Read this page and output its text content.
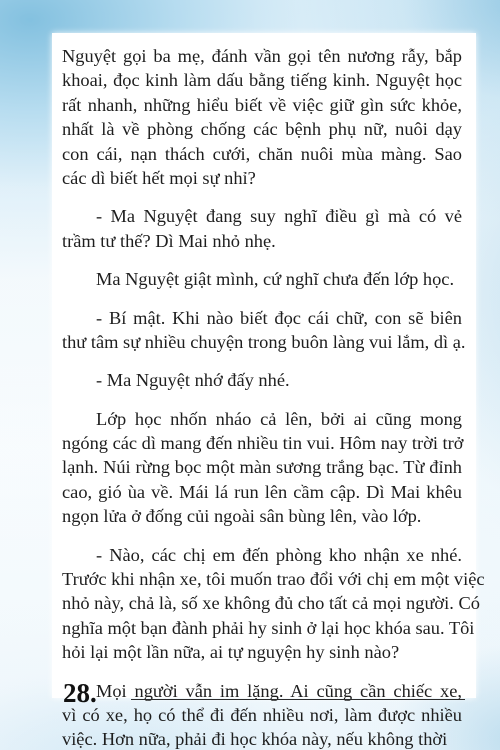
Nguyệt gọi ba mẹ, đánh vần gọi tên nương rẫy, bắp
khoai, đọc kinh làm dấu bằng tiếng kinh. Nguyệt học
rất nhanh, những hiểu biết về việc giữ gìn sức khỏe,
nhất là về phòng chống các bệnh phụ nữ, nuôi dạy
con cái, nạn thách cưới, chăn nuôi mùa màng. Sao
các dì biết hết mọi sự nhỉ?
- Ma Nguyệt đang suy nghĩ điều gì mà có vẻ
trầm tư thế? Dì Mai nhỏ nhẹ.
Ma Nguyệt giật mình, cứ nghĩ chưa đến lớp học.
- Bí mật. Khi nào biết đọc cái chữ, con sẽ biên
thư tâm sự nhiều chuyện trong buôn làng vui lắm, dì ạ.
- Ma Nguyệt nhớ đấy nhé.
Lớp học nhốn nháo cả lên, bởi ai cũng mong
ngóng các dì mang đến nhiều tin vui. Hôm nay trời trở
lạnh. Núi rừng bọc một màn sương trắng bạc. Từ đỉnh
cao, gió ùa về. Mái lá run lên cầm cập. Dì Mai khêu
ngọn lửa ở đống củi ngoài sân bùng lên, vào lớp.
- Nào, các chị em đến phòng kho nhận xe nhé.
Trước khi nhận xe, tôi muốn trao đổi với chị em một việc
nhỏ này, chả là, số xe không đủ cho tất cả mọi người. Có
nghĩa một bạn đành phải hy sinh ở lại học khóa sau. Tôi
hỏi lại một lần nữa, ai tự nguyện hy sinh nào?
Mọi người vẫn im lặng. Ai cũng cần chiếc xe,
vì có xe, họ có thể đi đến nhiều nơi, làm được nhiều
việc. Hơn nữa, phải đi học khóa này, nếu không thời
28.
